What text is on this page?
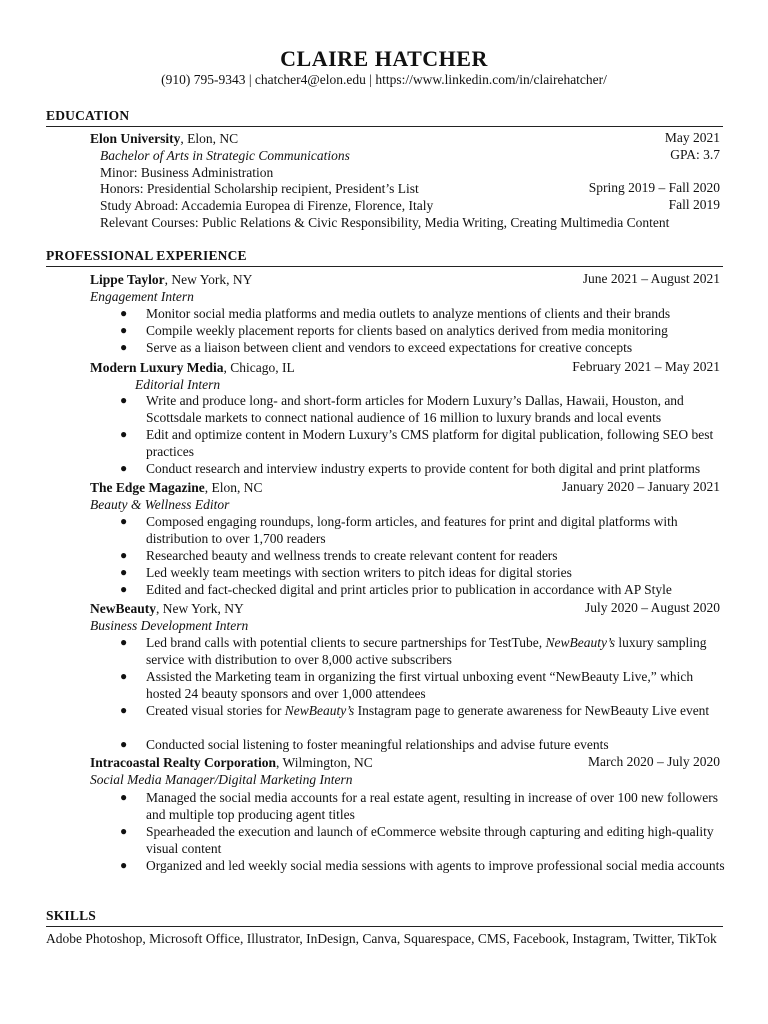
CLAIRE HATCHER
(910) 795-9343 | chatcher4@elon.edu | https://www.linkedin.com/in/clairehatcher/
EDUCATION
Elon University, Elon, NC	May 2021
Bachelor of Arts in Strategic Communications	GPA: 3.7
Minor: Business Administration
Honors: Presidential Scholarship recipient, President’s List	Spring 2019 – Fall 2020
Study Abroad: Accademia Europea di Firenze, Florence, Italy	Fall 2019
Relevant Courses: Public Relations & Civic Responsibility, Media Writing, Creating Multimedia Content
PROFESSIONAL EXPERIENCE
Lippe Taylor, New York, NY	June 2021 – August 2021
Engagement Intern
● Monitor social media platforms and media outlets to analyze mentions of clients and their brands
● Compile weekly placement reports for clients based on analytics derived from media monitoring
● Serve as a liaison between client and vendors to exceed expectations for creative concepts
Modern Luxury Media, Chicago, IL	February 2021 – May 2021
Editorial Intern
● Write and produce long- and short-form articles for Modern Luxury’s Dallas, Hawaii, Houston, and Scottsdale markets to connect national audience of 16 million to luxury brands and local events
● Edit and optimize content in Modern Luxury’s CMS platform for digital publication, following SEO best practices
● Conduct research and interview industry experts to provide content for both digital and print platforms
The Edge Magazine, Elon, NC	January 2020 – January 2021
Beauty & Wellness Editor
● Composed engaging roundups, long-form articles, and features for print and digital platforms with distribution to over 1,700 readers
● Researched beauty and wellness trends to create relevant content for readers
● Led weekly team meetings with section writers to pitch ideas for digital stories
● Edited and fact-checked digital and print articles prior to publication in accordance with AP Style
NewBeauty, New York, NY	July 2020 – August 2020
Business Development Intern
● Led brand calls with potential clients to secure partnerships for TestTube, NewBeauty’s luxury sampling service with distribution to over 8,000 active subscribers
● Assisted the Marketing team in organizing the first virtual unboxing event “NewBeauty Live,” which hosted 24 beauty sponsors and over 1,000 attendees
● Created visual stories for NewBeauty’s Instagram page to generate awareness for NewBeauty Live event
● Conducted social listening to foster meaningful relationships and advise future events
Intracoastal Realty Corporation, Wilmington, NC	March 2020 – July 2020
Social Media Manager/Digital Marketing Intern
● Managed the social media accounts for a real estate agent, resulting in increase of over 100 new followers and multiple top producing agent titles
● Spearheaded the execution and launch of eCommerce website through capturing and editing high-quality visual content
● Organized and led weekly social media sessions with agents to improve professional social media accounts
SKILLS
Adobe Photoshop, Microsoft Office, Illustrator, InDesign, Canva, Squarespace, CMS, Facebook, Instagram, Twitter, TikTok
